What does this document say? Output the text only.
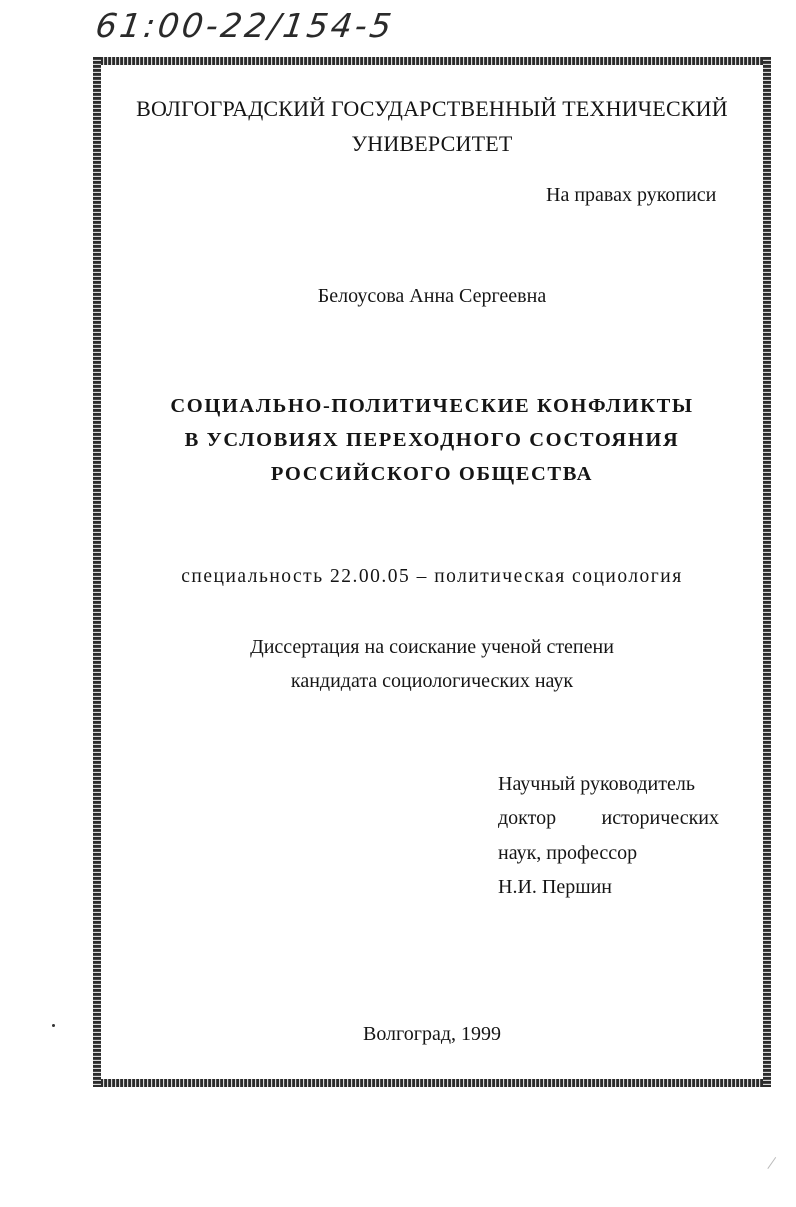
61:00-22/154-5
ВОЛГОГРАДСКИЙ ГОСУДАРСТВЕННЫЙ ТЕХНИЧЕСКИЙ
УНИВЕРСИТЕТ
На правах рукописи
Белоусова Анна Сергеевна
СОЦИАЛЬНО-ПОЛИТИЧЕСКИЕ КОНФЛИКТЫ
В УСЛОВИЯХ ПЕРЕХОДНОГО СОСТОЯНИЯ
РОССИЙСКОГО ОБЩЕСТВА
специальность 22.00.05 – политическая социология
Диссертация на соискание ученой степени
кандидата социологических наук
Научный руководитель
доктор исторических
наук, профессор
Н.И. Першин
Волгоград, 1999
